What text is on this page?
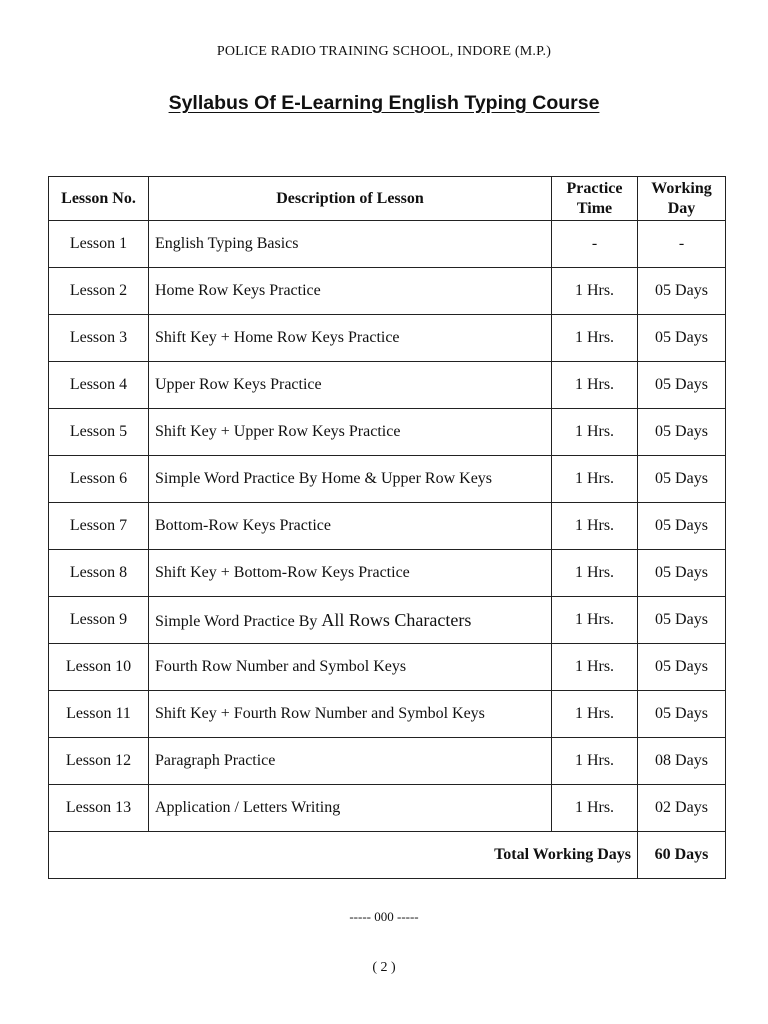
POLICE RADIO TRAINING SCHOOL, INDORE (M.P.)
Syllabus Of E-Learning English Typing Course
Lesson No.	Description of Lesson	Practice Time	Working Day
Lesson 1	English Typing Basics	-	-
Lesson 2	Home Row Keys Practice	1 Hrs.	05 Days
Lesson 3	Shift Key + Home Row Keys Practice	1 Hrs.	05 Days
Lesson 4	Upper Row Keys Practice	1 Hrs.	05 Days
Lesson 5	Shift Key + Upper Row Keys Practice	1 Hrs.	05 Days
Lesson 6	Simple Word Practice By Home & Upper Row Keys	1 Hrs.	05 Days
Lesson 7	Bottom-Row Keys Practice	1 Hrs.	05 Days
Lesson 8	Shift Key + Bottom-Row Keys Practice	1 Hrs.	05 Days
Lesson 9	Simple Word Practice By All Rows Characters	1 Hrs.	05 Days
Lesson 10	Fourth Row Number and Symbol Keys	1 Hrs.	05 Days
Lesson 11	Shift Key + Fourth Row Number and Symbol Keys	1 Hrs.	05 Days
Lesson 12	Paragraph Practice	1 Hrs.	08 Days
Lesson 13	Application / Letters Writing	1 Hrs.	02 Days
Total Working Days			60 Days
----- 000 -----
( 2 )
